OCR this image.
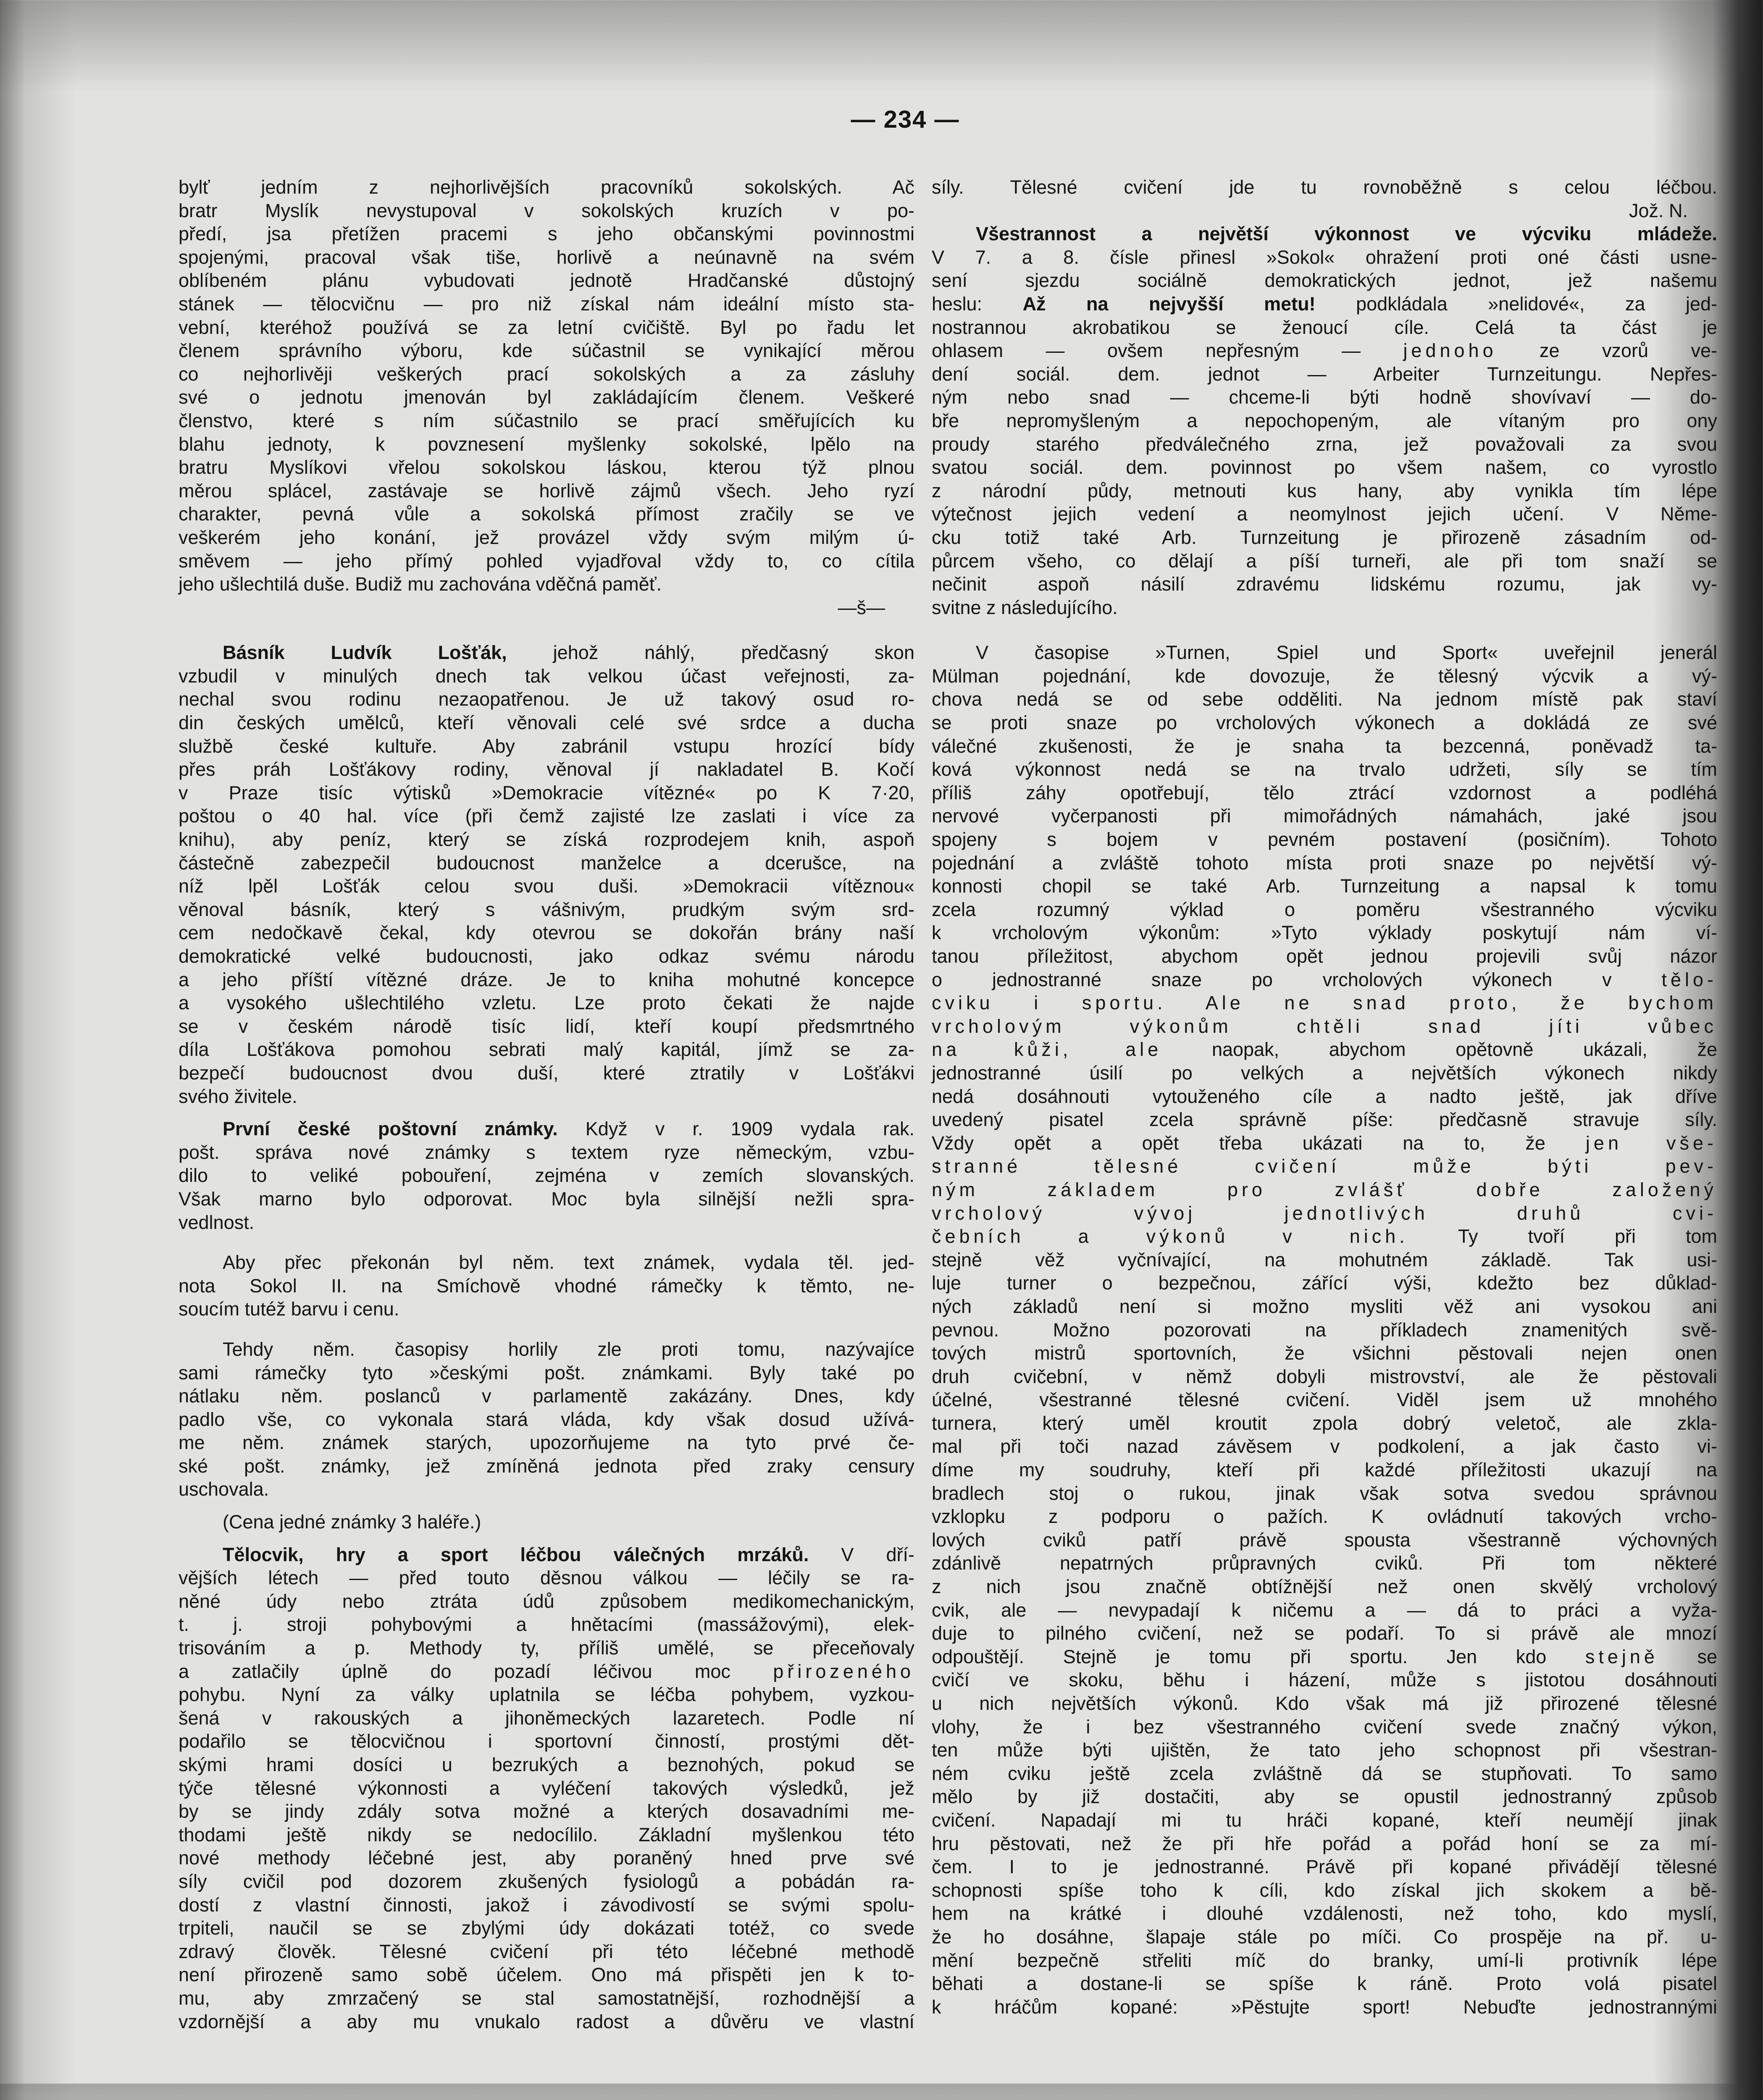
— 234 —
bylť jedním z nejhorlivějších pracovníků sokolských. Ač
bratr Myslík nevystupoval v sokolských kruzích v po-
předí, jsa přetížen pracemi s jeho občanskými povinnostmi
spojenými, pracoval však tiše, horlivě a neúnavně na svém
oblíbeném plánu vybudovati jednotě Hradčanské důstojný
stánek — tělocvičnu — pro niž získal nám ideální místo sta-
vební, kteréhož používá se za letní cvičiště. Byl po řadu let
členem správního výboru, kde súčastnil se vynikající měrou
co nejhorlivěji veškerých prací sokolských a za zásluhy
své o jednotu jmenován byl zakládajícím členem. Veškeré
členstvo, které s ním súčastnilo se prací směřujících ku
blahu jednoty, k povznesení myšlenky sokolské, lpělo na
bratru Myslíkovi vřelou sokolskou láskou, kterou týž plnou
měrou splácel, zastávaje se horlivě zájmů všech. Jeho ryzí
charakter, pevná vůle a sokolská přímost zračily se ve
veškerém jeho konání, jež provázel vždy svým milým ú-
směvem — jeho přímý pohled vyjadřoval vždy to, co cítila
jeho ušlechtilá duše. Budiž mu zachována vděčná paměť.
—š—
Básník Ludvík Lošťák, jehož náhlý, předčasný skon
vzbudil v minulých dnech tak velkou účast veřejnosti, za-
nechal svou rodinu nezaopatřenou. Je už takový osud ro-
din českých umělců, kteří věnovali celé své srdce a ducha
službě české kultuře. Aby zabránil vstupu hrozící bídy
přes práh Lošťákovy rodiny, věnoval jí nakladatel B. Kočí
v Praze tisíc výtisků »Demokracie vítězné« po K 7·20,
poštou o 40 hal. více (při čemž zajisté lze zaslati i více za
knihu), aby peníz, který se získá rozprodejem knih, aspoň
částečně zabezpečil budoucnost manželce a dcerušce, na
níž lpěl Lošťák celou svou duši. »Demokracii vítěznou«
věnoval básník, který s vášnivým, prudkým svým srd-
cem nedočkavě čekal, kdy otevrou se dokořán brány naší
demokratické velké budoucnosti, jako odkaz svému národu
a jeho příští vítězné dráze. Je to kniha mohutné koncepce
a vysokého ušlechtilého vzletu. Lze proto čekati že najde
se v českém národě tisíc lidí, kteří koupí předsmrtného
díla Lošťákova pomohou sebrati malý kapitál, jímž se za-
bezpečí budoucnost dvou duší, které ztratily v Lošťákvi
svého živitele.
První české poštovní známky. Když v r. 1909 vydala rak.
pošt. správa nové známky s textem ryze německým, vzbu-
dilo to veliké pobouření, zejména v zemích slovanských.
Však marno bylo odporovat. Moc byla silnější nežli spra-
vedlnost.
Aby přec překonán byl něm. text známek, vydala těl. jed-
nota Sokol II. na Smíchově vhodné rámečky k těmto, ne-
soucím tutéž barvu i cenu.
Tehdy něm. časopisy horlily zle proti tomu, nazývajíce
sami rámečky tyto »českými pošt. známkami. Byly také po
nátlaku něm. poslanců v parlamentě zakázány. Dnes, kdy
padlo vše, co vykonala stará vláda, kdy však dosud užívá-
me něm. známek starých, upozorňujeme na tyto prvé če-
ské pošt. známky, jež zmíněná jednota před zraky censury
uschovala.
(Cena jedné známky 3 haléře.)
Tělocvik, hry a sport léčbou válečných mrzáků. V dří-
vějších létech — před touto děsnou válkou — léčily se ra-
něné údy nebo ztráta údů způsobem medikomechanickým,
t. j. stroji pohybovými a hnětacími (massážovými), elek-
trisováním a p. Methody ty, příliš umělé, se přeceňovaly
a zatlačily úplně do pozadí léčivou moc přirozeného
pohybu. Nyní za války uplatnila se léčba pohybem, vyzkou-
šená v rakouských a jihoněmeckých lazaretech. Podle ní
podařilo se tělocvičnou i sportovní činností, prostými dět-
skými hrami dosíci u bezrukých a beznohých, pokud se
týče tělesné výkonnosti a vyléčení takových výsledků, jež
by se jindy zdály sotva možné a kterých dosavadními me-
thodami ještě nikdy se nedocílilo. Základní myšlenkou této
nové methody léčebné jest, aby poraněný hned prve své
síly cvičil pod dozorem zkušených fysiologů a pobádán ra-
dostí z vlastní činnosti, jakož i závodivostí se svými spolu-
trpiteli, naučil se se zbylými údy dokázati totéž, co svede
zdravý člověk. Tělesné cvičení při této léčebné methodě
není přirozeně samo sobě účelem. Ono má přispěti jen k to-
mu, aby zmrzačený se stal samostatnější, rozhodnější a
vzdornější a aby mu vnukalo radost a důvěru ve vlastní
síly. Tělesné cvičení jde tu rovnoběžně s celou léčbou.
Jož. N.
Všestrannost a největší výkonnost ve výcviku mládeže.
V 7. a 8. čísle přinesl »Sokol« ohražení proti oné části usne-
sení sjezdu sociálně demokratických jednot, jež našemu
heslu: Až na nejvyšší metu! podkládala »nelidové«, za jed-
nostrannou akrobatikou se ženoucí cíle. Celá ta část je
ohlasem — ovšem nepřesným — jednoho ze vzorů ve-
dení sociál. dem. jednot — Arbeiter Turnzeitungu. Nepřes-
ným nebo snad — chceme-li býti hodně shovívaví — do-
bře nepromyšleným a nepochopeným, ale vítaným pro ony
proudy starého předválečného zrna, jež považovali za svou
svatou sociál. dem. povinnost po všem našem, co vyrostlo
z národní půdy, metnouti kus hany, aby vynikla tím lépe
výtečnost jejich vedení a neomylnost jejich učení. V Něme-
cku totiž také Arb. Turnzeitung je přirozeně zásadním od-
půrcem všeho, co dělají a píší turneři, ale při tom snaží se
nečinit aspoň násilí zdravému lidskému rozumu, jak vy-
svitne z následujícího.
V časopise »Turnen, Spiel und Sport« uveřejnil jenerál
Mülman pojednání, kde dovozuje, že tělesný výcvik a vý-
chova nedá se od sebe odděliti. Na jednom místě pak staví
se proti snaze po vrcholových výkonech a dokládá ze své
válečné zkušenosti, že je snaha ta bezcenná, poněvadž ta-
ková výkonnost nedá se na trvalo udržeti, síly se tím
příliš záhy opotřebují, tělo ztrácí vzdornost a podléhá
nervové vyčerpanosti při mimořádných námahách, jaké jsou
spojeny s bojem v pevném postavení (posičním). Tohoto
pojednání a zvláště tohoto místa proti snaze po největší vý-
konnosti chopil se také Arb. Turnzeitung a napsal k tomu
zcela rozumný výklad o poměru všestranného výcviku
k vrcholovým výkonům: »Tyto výklady poskytují nám ví-
tanou příležitost, abychom opět jednou projevili svůj názor
o jednostranné snaze po vrcholových výkonech v tělo-
cviku i sportu. Ale ne snad proto, že bychom
vrcholovým výkonům chtěli snad jíti vůbec
na kůži, ale naopak, abychom opětovně ukázali, že
jednostranné úsilí po velkých a největších výkonech nikdy
nedá dosáhnouti vytouženého cíle a nadto ještě, jak dříve
uvedený pisatel zcela správně píše: předčasně stravuje síly.
Vždy opět a opět třeba ukázati na to, že jen vše-
stranné tělesné cvičení může býti pev-
ným základem pro zvlášť dobře založený
vrcholový vývoj jednotlivých druhů cvi-
čebních a výkonů v nich. Ty tvoří při tom
stejně věž vyčnívající, na mohutném základě. Tak usi-
luje turner o bezpečnou, zářící výši, kdežto bez důklad-
ných základů není si možno mysliti věž ani vysokou ani
pevnou. Možno pozorovati na příkladech znamenitých svě-
tových mistrů sportovních, že všichni pěstovali nejen onen
druh cvičební, v němž dobyli mistrovství, ale že pěstovali
účelné, všestranné tělesné cvičení. Viděl jsem už mnohého
turnera, který uměl kroutit zpola dobrý veletoč, ale zkla-
mal při toči nazad závěsem v podkolení, a jak často vi-
díme my soudruhy, kteří při každé příležitosti ukazují na
bradlech stoj o rukou, jinak však sotva svedou správnou
vzklopku z podporu o pažích. K ovládnutí takových vrcho-
lových cviků patří právě spousta všestranně výchovných
zdánlivě nepatrných průpravných cviků. Při tom některé
z nich jsou značně obtížnější než onen skvělý vrcholový
cvik, ale — nevypadají k ničemu a — dá to práci a vyža-
duje to pilného cvičení, než se podaří. To si právě ale mnozí
odpouštějí. Stejně je tomu při sportu. Jen kdo stejně se
cvičí ve skoku, běhu i házení, může s jistotou dosáhnouti
u nich největších výkonů. Kdo však má již přirozené tělesné
vlohy, že i bez všestranného cvičení svede značný výkon,
ten může býti ujištěn, že tato jeho schopnost při všestran-
ném cviku ještě zcela zvláštně dá se stupňovati. To samo
mělo by již dostačiti, aby se opustil jednostranný způsob
cvičení. Napadají mi tu hráči kopané, kteří neumějí jinak
hru pěstovati, než že při hře pořád a pořád honí se za mí-
čem. I to je jednostranné. Právě při kopané přivádějí tělesné
schopnosti spíše toho k cíli, kdo získal jich skokem a bě-
hem na krátké i dlouhé vzdálenosti, než toho, kdo myslí,
že ho dosáhne, šlapaje stále po míči. Co prospěje na př. u-
mění bezpečně střeliti míč do branky, umí-li protivník lépe
běhati a dostane-li se spíše k ráně. Proto volá pisatel
k hráčům kopané: »Pěstujte sport! Nebuďte jednostrannými
